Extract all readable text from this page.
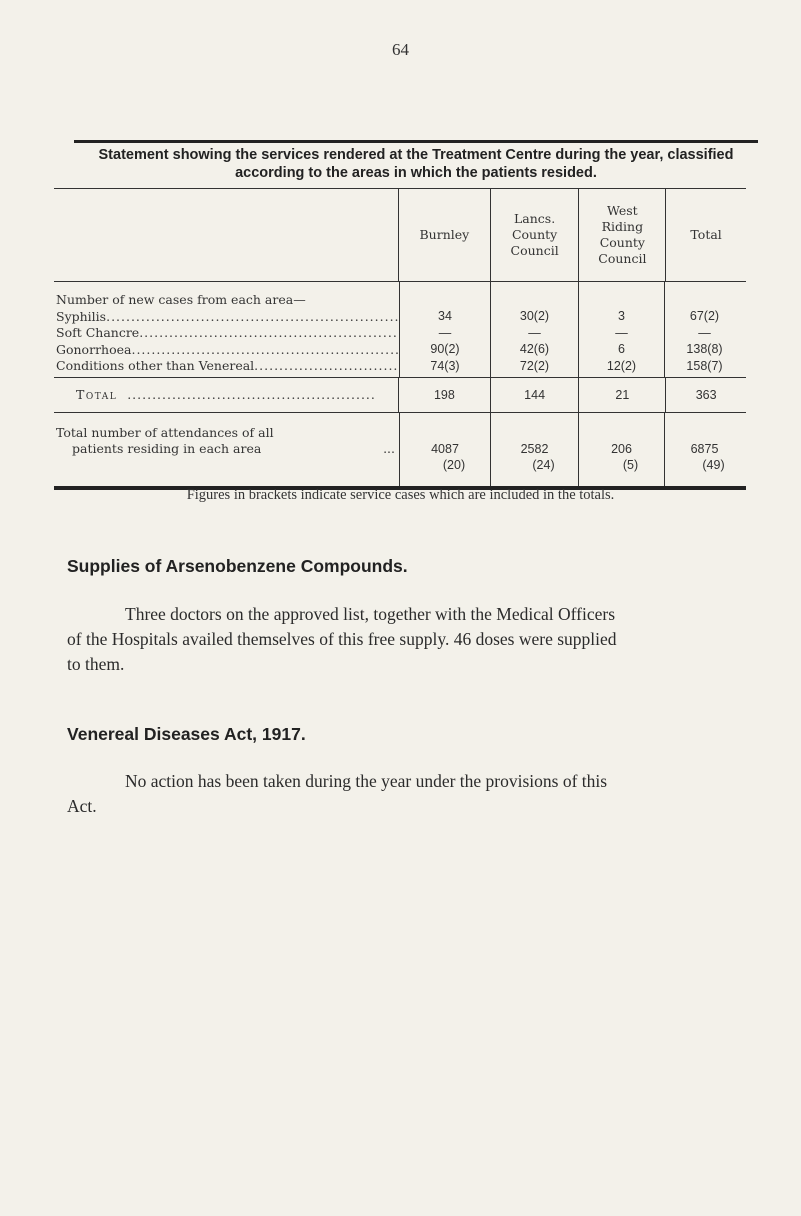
64
Statement showing the services rendered at the Treatment Centre during the year, classified
according to the areas in which the patients resided.
Burnley
Lancs.
County
Council
West
Riding
County
Council
Total
Number of new cases from each area—
Syphilis
.....
Soft Chancre
.....
Gonorrhoea
.....
Conditions other than Venereal
.....
34
—
90(2)
74(3)
30(2)
—
42(6)
72(2)
3
—
6
12(2)
67(2)
—
138(8)
158(7)
Total
.....	198	144	21	363
Total number of attendances of all
patients residing in each area	...	4087
(20)
2582
(24)
206
(5)
6875
(49)
Figures in brackets indicate service cases which are included in the totals.
Supplies of Arsenobenzene Compounds.
Three doctors on the approved list, together with the Medical Officers
of the Hospitals availed themselves of this free supply. 46 doses were supplied
to them.
Venereal Diseases Act, 1917.
No action has been taken during the year under the provisions of this
Act.
